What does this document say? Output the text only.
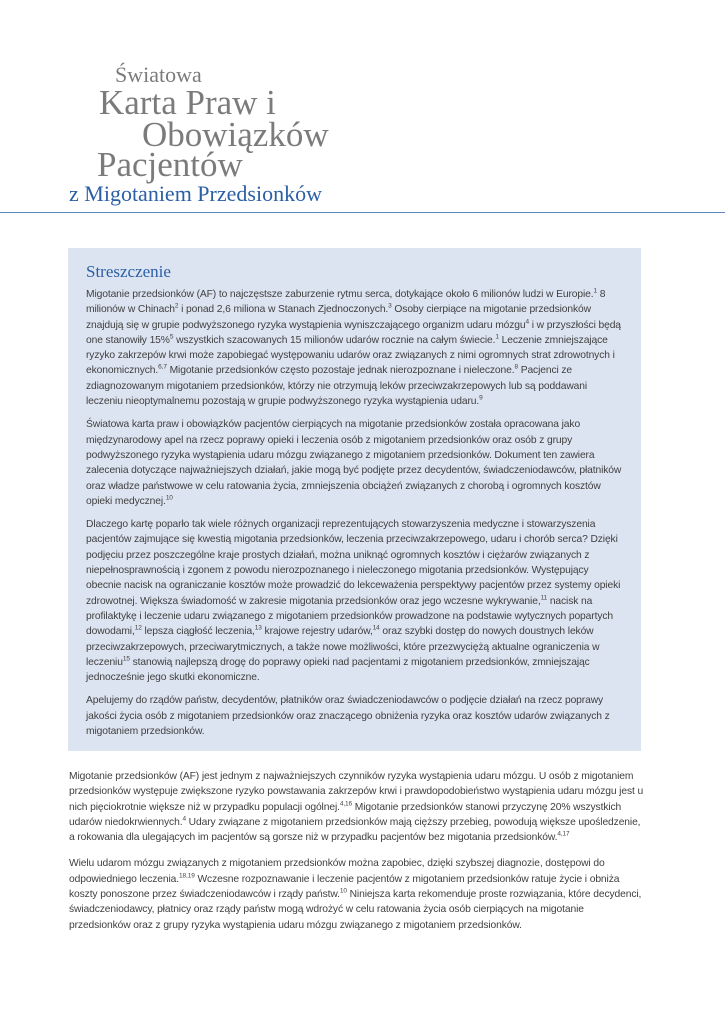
Światowa
Karta Praw i
Obowiązków
Pacjentów
z Migotaniem Przedsionków
Streszczenie

Migotanie przedsionków (AF) to najczęstsze zaburzenie rytmu serca, dotykające około 6 milionów ludzi w Europie.$^1$ 8 milionów w Chinach$^2$ i ponad 2,6 miliona w Stanach Zjednoczonych.$^3$ Osoby cierpiące na migotanie przedsionków znajdują się w grupie podwyższonego ryzyka wystąpienia wyniszczającego organizm udaru mózgu$^4$ i w przyszłości będą one stanowiły 15%$^5$ wszystkich szacowanych 15 milionów udarów rocznie na całym świecie.$^1$ Leczenie zmniejszające ryzyko zakrzepów krwi może zapobiegać występowaniu udarów oraz związanych z nimi ogromnych strat zdrowotnych i ekonomicznych.$^{6,7}$ Migotanie przedsionków często pozostaje jednak nierozpoznane i nieleczone.$^8$ Pacjenci ze zdiagnozowanym migotaniem przedsionków, którzy nie otrzymują leków przeciwzakrzepowych lub są poddawani leczeniu nieoptymalnemu pozostają w grupie podwyższonego ryzyka wystąpienia udaru.$^9$

Światowa karta praw i obowiązków pacjentów cierpiących na migotanie przedsionków została opracowana jako międzynarodowy apel na rzecz poprawy opieki i leczenia osób z migotaniem przedsionków oraz osób z grupy podwyższonego ryzyka wystąpienia udaru mózgu związanego z migotaniem przedsionków. Dokument ten zawiera zalecenia dotyczące najważniejszych działań, jakie mogą być podjęte przez decydentów, świadczeniodawców, płatników oraz władze państwowe w celu ratowania życia, zmniejszenia obciążeń związanych z chorobą i ogromnych kosztów opieki medycznej.$^{10}$

Dlaczego kartę poparło tak wiele różnych organizacji reprezentujących stowarzyszenia medyczne i stowarzyszenia pacjentów zajmujące się kwestią migotania przedsionków, leczenia przeciwzakrzepowego, udaru i chorób serca? Dzięki podjęciu przez poszczególne kraje prostych działań, można uniknąć ogromnych kosztów i ciężarów związanych z niepełnosprawnością i zgonem z powodu nierozpoznanego i nieleczonego migotania przedsionków. Występujący obecnie nacisk na ograniczanie kosztów może prowadzić do lekceważenia perspektywy pacjentów przez systemy opieki zdrowotnej. Większa świadomość w zakresie migotania przedsionków oraz jego wczesne wykrywanie,$^{11}$ nacisk na profilaktykę i leczenie udaru związanego z migotaniem przedsionków prowadzone na podstawie wytycznych popartych dowodami,$^{12}$ lepsza ciągłość leczenia,$^{13}$ krajowe rejestry udarów,$^{14}$ oraz szybki dostęp do nowych doustnych leków przeciwzakrzepowych, przeciwarytmicznych, a także nowe możliwości, które przezwyciężą aktualne ograniczenia w leczeniu$^{15}$ stanowią najlepszą drogę do poprawy opieki nad pacjentami z migotaniem przedsionków, zmniejszając jednocześnie jego skutki ekonomiczne.

Apelujemy do rządów państw, decydentów, płatników oraz świadczeniodawców o podjęcie działań na rzecz poprawy jakości życia osób z migotaniem przedsionków oraz znaczącego obniżenia ryzyka oraz kosztów udarów związanych z migotaniem przedsionków.

Migotanie przedsionków (AF) jest jednym z najważniejszych czynników ryzyka wystąpienia udaru mózgu. U osób z migotaniem przedsionków występuje zwiększone ryzyko powstawania zakrzepów krwi i prawdopodobieństwo wystąpienia udaru mózgu jest u nich pięciokrotnie większe niż w przypadku populacji ogólnej.$^{4,16}$ Migotanie przedsionków stanowi przyczynę 20% wszystkich udarów niedokrwiennych.$^4$ Udary związane z migotaniem przedsionków mają cięższy przebieg, powodują większe upośledzenie, a rokowania dla ulegających im pacjentów są gorsze niż w przypadku pacjentów bez migotania przedsionków.$^{4,17}$

Wielu udarom mózgu związanych z migotaniem przedsionków można zapobiec, dzięki szybszej diagnozie, dostępowi do odpowiedniego leczenia.$^{18,19}$ Wczesne rozpoznawanie i leczenie pacjentów z migotaniem przedsionków ratuje życie i obniża koszty ponoszone przez świadczeniodawców i rządy państw.$^{10}$ Niniejsza karta rekomenduje proste rozwiązania, które decydenci, świadczeniodawcy, płatnicy oraz rządy państw mogą wdrożyć w celu ratowania życia osób cierpiących na migotanie przedsionków oraz z grupy ryzyka wystąpienia udaru mózgu związanego z migotaniem przedsionków.
